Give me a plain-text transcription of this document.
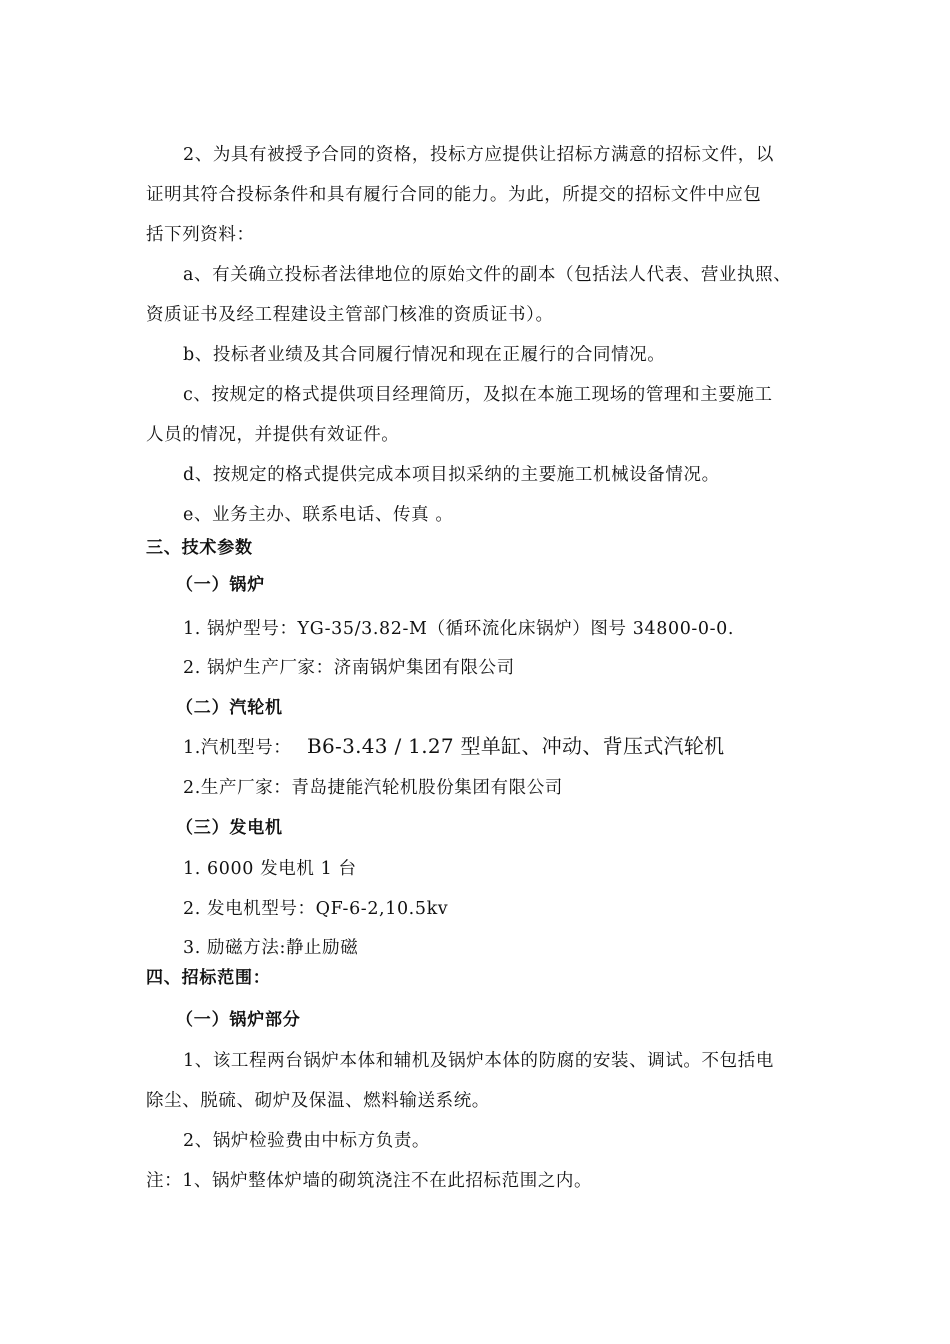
2、为具有被授予合同的资格，投标方应提供让招标方满意的招标文件，以
证明其符合投标条件和具有履行合同的能力。为此，所提交的招标文件中应包
括下列资料：
a、有关确立投标者法律地位的原始文件的副本（包括法人代表、营业执照、
资质证书及经工程建设主管部门核准的资质证书）。
b、投标者业绩及其合同履行情况和现在正履行的合同情况。
c、按规定的格式提供项目经理简历，及拟在本施工现场的管理和主要施工
人员的情况，并提供有效证件。
d、按规定的格式提供完成本项目拟采纳的主要施工机械设备情况。
e、业务主办、联系电话、传真 。
三、技术参数
（一）锅炉
1. 锅炉型号：YG-35/3.82-M（循环流化床锅炉）图号 34800-0-0.
2. 锅炉生产厂家：济南锅炉集团有限公司
（二）汽轮机
1.汽机型号： B6-3.43 / 1.27 型单缸、冲动、背压式汽轮机
2.生产厂家：青岛捷能汽轮机股份集团有限公司
（三）发电机
1. 6000 发电机 1 台
2. 发电机型号：QF-6-2,10.5kv
3. 励磁方法:静止励磁
四、招标范围：
（一）锅炉部分
1、该工程两台锅炉本体和辅机及锅炉本体的防腐的安装、调试。不包括电
除尘、脱硫、砌炉及保温、燃料输送系统。
2、锅炉检验费由中标方负责。
注：1、锅炉整体炉墙的砌筑浇注不在此招标范围之内。
